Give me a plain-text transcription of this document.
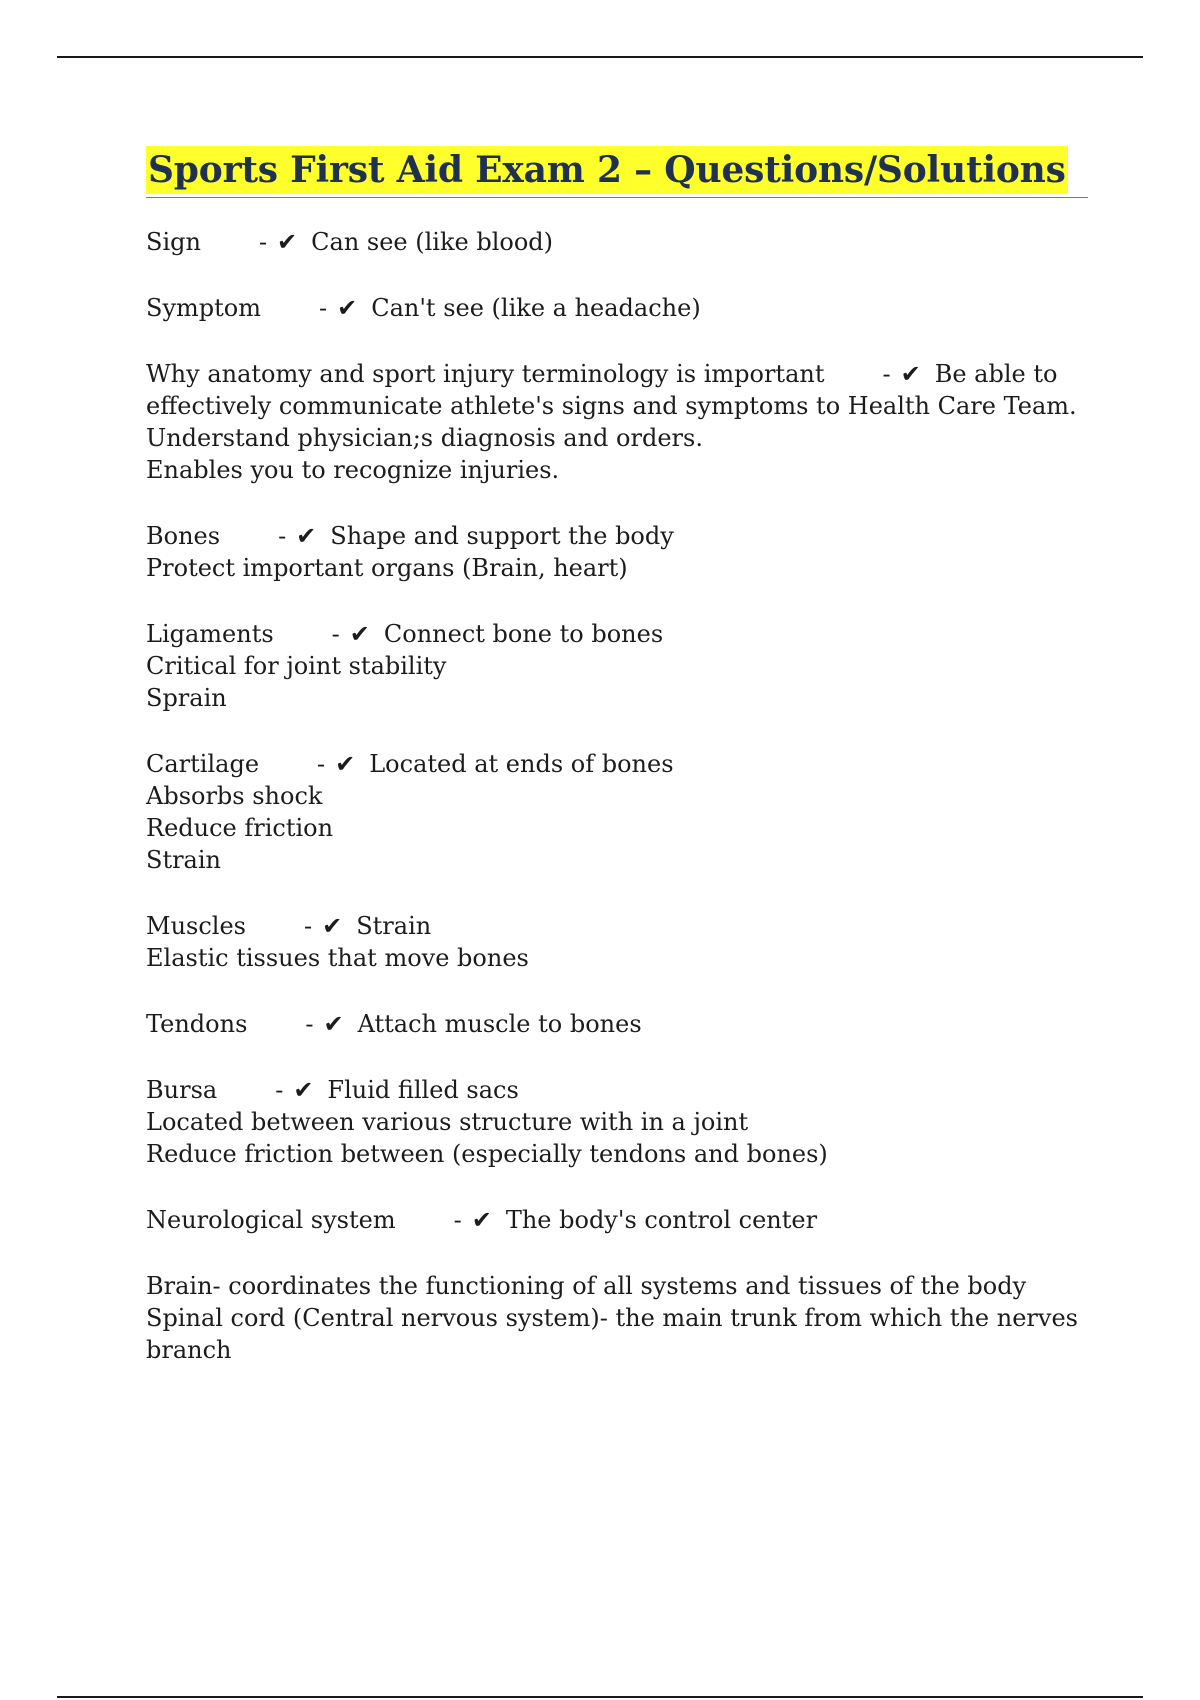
Sports First Aid Exam 2 – Questions/Solutions
Sign - ✔ Can see (like blood)
Symptom - ✔ Can't see (like a headache)
Why anatomy and sport injury terminology is important - ✔ Be able to effectively communicate athlete's signs and symptoms to Health Care Team.
Understand physician;s diagnosis and orders.
Enables you to recognize injuries.
Bones - ✔ Shape and support the body
Protect important organs (Brain, heart)
Ligaments - ✔ Connect bone to bones
Critical for joint stability
Sprain
Cartilage - ✔ Located at ends of bones
Absorbs shock
Reduce friction
Strain
Muscles - ✔ Strain
Elastic tissues that move bones
Tendons - ✔ Attach muscle to bones
Bursa - ✔ Fluid filled sacs
Located between various structure with in a joint
Reduce friction between (especially tendons and bones)
Neurological system - ✔ The body's control center
Brain- coordinates the functioning of all systems and tissues of the body
Spinal cord (Central nervous system)- the main trunk from which the nerves branch
